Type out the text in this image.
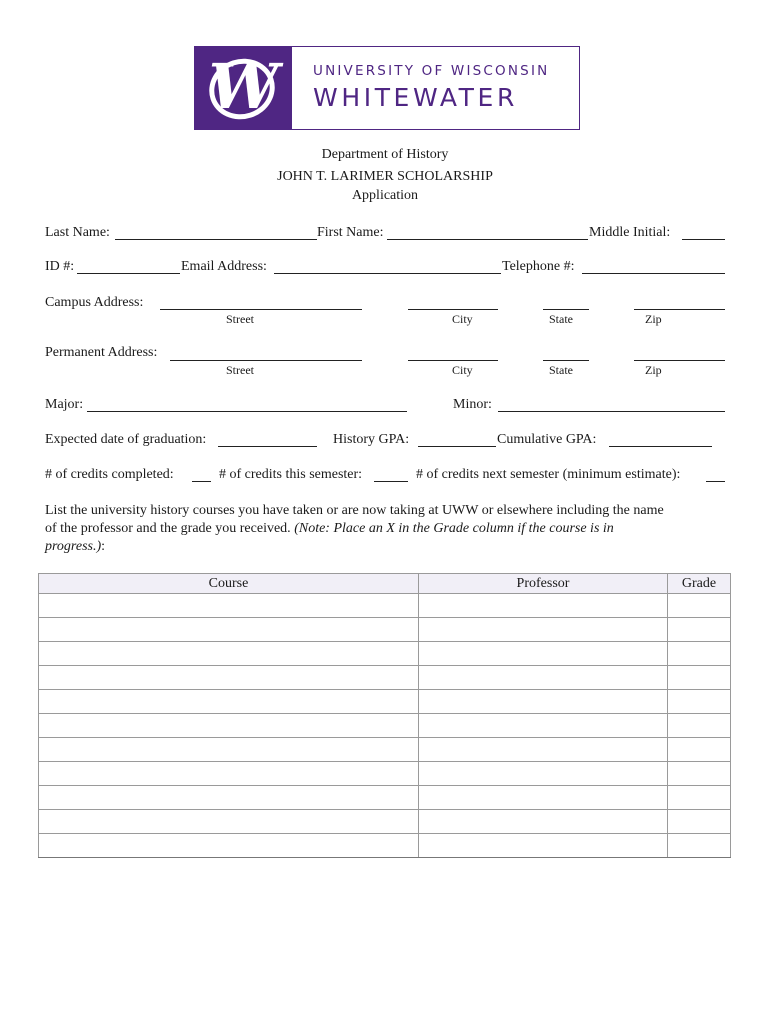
W	UNIVERSITY OF WISCONSIN
WHITEWATER
Department of History
JOHN T. LARIMER SCHOLARSHIP
Application
Last Name:	First Name:	Middle Initial:
ID #:	Email Address:	Telephone #:
Campus Address:
Street	City	State	Zip
Permanent Address:
Street	City	State	Zip
Major:	Minor:
Expected date of graduation:	History GPA:	Cumulative GPA:
# of credits completed:	# of credits this semester:	# of credits next semester (minimum estimate):
List the university history courses you have taken or are now taking at UWW or elsewhere including the name
of the professor and the grade you received. (Note: Place an X in the Grade column if the course is in
progress.):
Course	Professor	Grade
